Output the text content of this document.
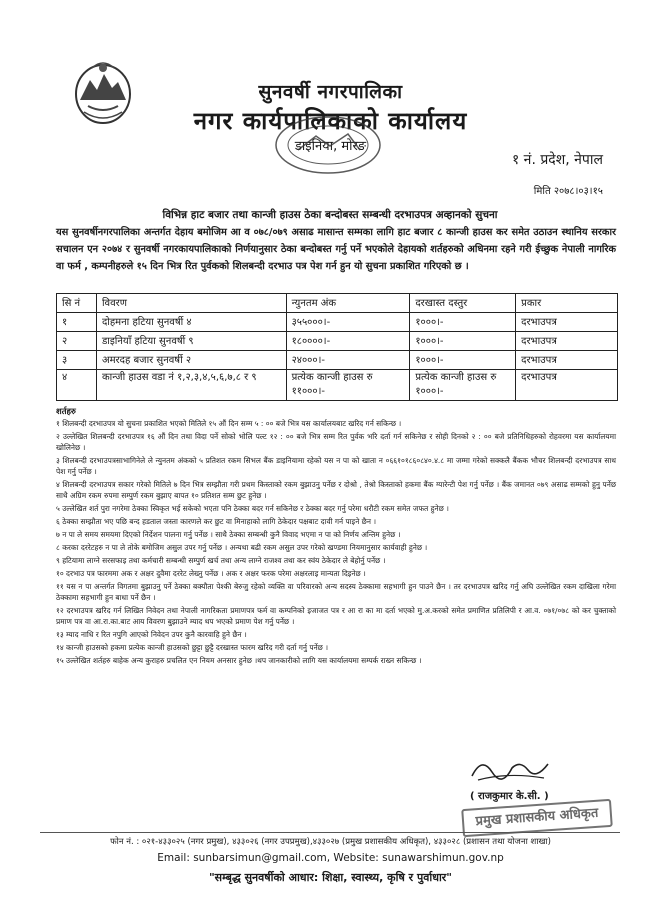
सुनवर्षी नगरपालिका
नगर कार्यपालिकाको कार्यालय
डाइनिया, मोरङ
१ नं. प्रदेश, नेपाल
मिति २०७८।०३।१५
विभिन्न हाट बजार तथा कान्जी हाउस ठेका बन्दोबस्त सम्बन्धी दरभाउपत्र अव्हानको सुचना
यस सुनवर्षीनगरपालिका अन्तर्गत देहाय बमोजिम आ व ०७८/०७९ असाढ मासान्त सम्मका लागि हाट बजार ८ कान्जी हाउस कर समेत उठाउन स्थानिय सरकार सचालन एन २०७४ र सुनवर्षी नगरकायपालिकाको निर्णयानुसार ठेका बन्दोबस्त गर्नु पर्ने भएकोले देहायको शर्तहरुको अधिनमा रहने गरी ईच्छुक नेपाली नागरिक वा फर्म , कम्पनीहरुले १५ दिन भित्र रित पुर्वकको शिलबन्दी दरभाउ पत्र पेश गर्न हुन यो सुचना प्रकाशित गरिएको छ ।
सि नं	विवरण	न्युनतम अंक	दरखास्त दस्तुर	प्रकार
१	दोहमना हटिया सुनवर्षी ४	३५५०००।-	१०००।-	दरभाउपत्र
२	डाइनियाँ हटिया सुनवर्षी ९	१८००००।-	१०००।-	दरभाउपत्र
३	अमरदह बजार सुनवर्षी २	२४०००।-	१०००।-	दरभाउपत्र
४	कान्जी हाउस वडा नं १,२,३,४,५,६,७,८ र ९	प्रत्येक कान्जी हाउस रु ११०००।-	प्रत्येक कान्जी हाउस रु १०००।-	दरभाउपत्र
शर्तहरु
१ शिलबन्दी दरभाउपत्र यो सुचना प्रकाशित भएको मितिले १५ औं दिन सम्म ५ : ०० बजे भित्र यस कार्यालयबाट खरिद गर्न सकिन्छ ।
२ उल्लेखित शिलबन्दी दरभाउपत्र १६ औं दिन तथा विदा पर्ने सोको भोलि पल्ट १२ : ०० बजे भित्र सम्म रित पुर्वक भरि दर्ता गर्न सकिनेछ र सोही दिनको २ : ०० बजे प्रतिनिधिहरुको रोहवरमा यस कार्यालयमा खोलिनेछ ।
३ शिलबन्दी दरभाउपत्रसाभागिनेले ले न्युनतम अंकको ५ प्रतिशत रकम सिभल बैंक डाइनियामा रहेको यस न पा को खाता न ०६६१०१८६०८४०.४.८ मा जम्मा गरेको सक्कलै बैंकक भौचर शिलबन्दी दरभाउपत्र साथ पेश गर्नु पर्नेछ ।
४ शिलबन्दी दरभाउपत्र सकार गरेको मितिले ७ दिन भित्र सम्झौता गरी प्रथम किस्ताको रकम बुझाउनु पर्नेछ र दोश्रो , तेश्रो किस्ताको हकमा बैंक ग्यारेन्टी पेश गर्नु पर्नेछ । बैंक जमानत ०७९ असाढ सम्मको हुनु पर्नेछ साथै अग्रिम रकम रुपमा सम्पुर्ण रकम बुझाए बापत १० प्रतिशत सम्म छुट हुनेछ ।
५ उल्लेखित शर्त पुरा नगरेमा ठेक्का स्विकृत भई सकेको भएता पनि ठेक्का बदर गर्न सकिनेछ र ठेक्का बदर गर्नु परेमा धरौटी रकम समेत जफत हुनेछ ।
६ ठेक्का सम्झौता भए पछि बन्द हडताल जस्ता कारणले कर छुट वा मिनाहाको लागि ठेकेदार पक्षबाट दावी गर्न पाइने छैन ।
७ न पा ले समय समयमा दिएको निर्देशन पालना गर्नु पर्नेछ । साथै ठेक्का सम्बन्धी कुनै विवाद भएमा न पा को निर्णय अन्तिम हुनेछ ।
८ करका दररेटहरु न पा ले तोके बमोजिम असुल उपर गर्नु पर्नेछ । अन्यथा बढी रकम असुल उपर गरेको खण्डमा नियमानुसार कार्यवाही हुनेछ ।
९ हटियामा लाग्ने सरसफाइ तथा कर्मचारी सम्बन्धी सम्पुर्ण खर्च तथा अन्य लाग्ने राजश्व तथा कर स्वंय ठेकेदार ले बेहोर्नु पर्नेछ ।
१० दरभाउ पत्र फारममा अक र अक्षर दुवैमा दररेट लेख्नु पर्नेछ । अक र अक्षर फरक परेमा अक्षरलाइ मान्यता दिइनेछ ।
११ यस न पा अन्तर्गत विगतमा बुझाउनु पर्ने ठेक्का बक्यौता पेश्की बेरुजु रहेको व्यक्ति वा परिवारको अन्य सदस्य ठेक्कामा सहभागी हुन पाउने छैन । तर दरभाउपत्र खरिद गर्नु अघि उल्लेखित रकम दाखिला गरेमा ठेक्कामा सहभागी हुन बाधा पर्ने छैन ।
१२ दरभाउपत्र खरिद गर्न लिखित निवेदन तथा नेपाली नागरिकता प्रमाणपत्र फर्म वा कम्पनिको इजाजत पत्र र आ रा का मा दर्ता भएको मु.अ.करको समेत प्रमाणित प्रतिलिपी र आ.व. ०७१/०७८ को कर चुक्ताको प्रमाण पत्र वा आ.रा.का.बाट आय विवरण बुझाउने म्याद थप भएको प्रमाण पेश गर्नु पर्नेछ ।
१३ म्याद नाधि र रित नपुगि आएको निवेदन उपर कुनै कारवाहि हुने छैन ।
१४ कान्जी हाउसको हकमा प्रत्येक कान्जी हाउसको छुट्टा छुट्टै दरखास्त फारम खरिद गरी दर्ता गर्नु पर्नेछ ।
१५ उल्लेखित शर्तहरु बाहेक अन्य कुराहरु प्रचलित एन नियम अनसार हुनेछ ।थप जानकारीको लागि यस कार्यालयमा सम्पर्क राख्न सकिन्छ ।
( राजकुमार के.सी. )
प्रमुख प्रशासकीय अधिकृत
फोन नं. : ०२१-४३३०२५ (नगर प्रमुख), ४३३०२६ (नगर उपप्रमुख),४३३०२७ (प्रमुख प्रशासकीय अधिकृत), ४३३०२८ (प्रशासन तथा योजना शाखा)
Email: sunbarsimun@gmail.com, Website: sunawarshimun.gov.np
"सम्बृद्ध सुनवर्षीको आधार: शिक्षा, स्वास्थ्य, कृषि र पुर्वाधार"
